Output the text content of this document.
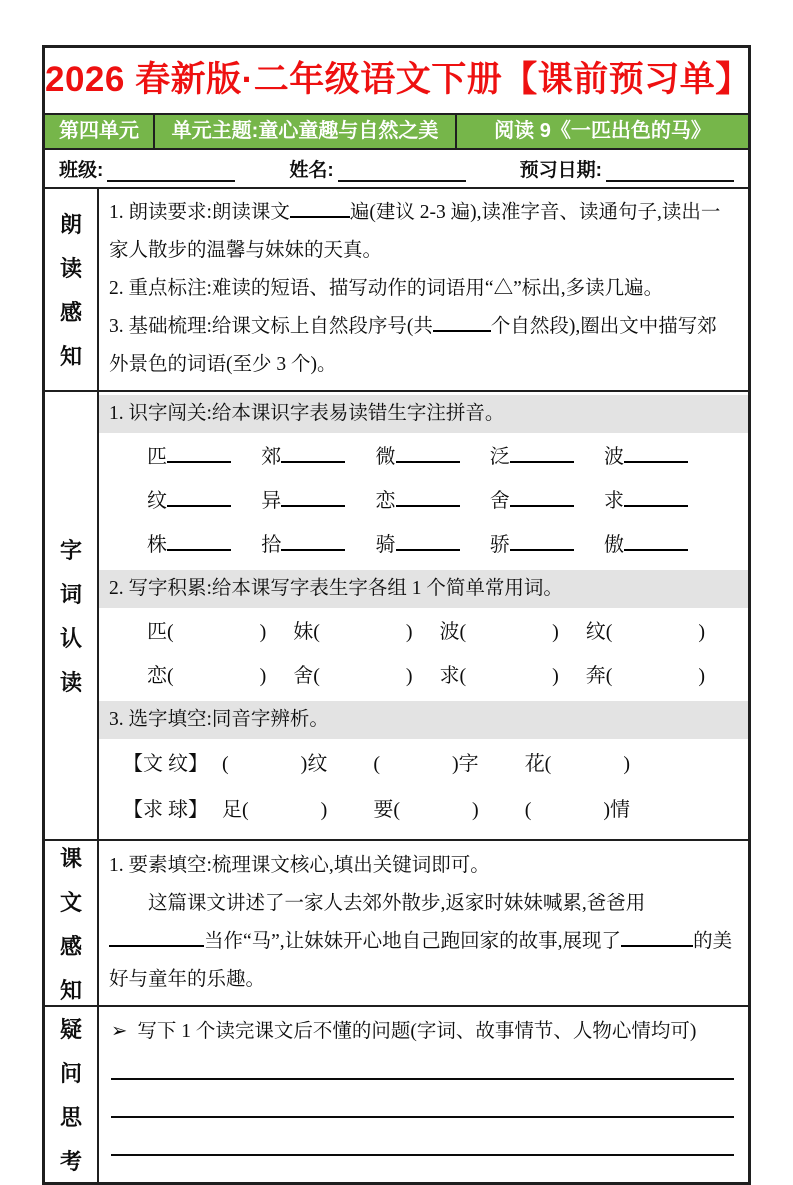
2026 春新版·二年级语文下册【课前预习单】
第四单元	单元主题:童心童趣与自然之美	阅读 9《一匹出色的马》
班级:	姓名:	预习日期:
朗
读
感
知

1. 朗读要求:朗读课文	遍(建议 2-3 遍),读准字音、读通句子,读出一家人散步的温馨与妹妹的天真。

2. 重点标注:难读的短语、描写动作的词语用“△”标出,多读几遍。

3. 基础梳理:给课文标上自然段序号(共	个自然段),圈出文中描写郊外景色的词语(至少 3 个)。

字
词
认
读
1. 识字闯关:给本课识字表易读错生字注拼音。
匹	郊	微	泛	波
纹	异	恋	舍	求
株	拾	骑	骄	傲
2. 写字积累:给本课写字表生字各组 1 个简单常用词。
匹(	)	妹(	)	波(	)	纹(	)
恋(	)	舍(	)	求(	)	奔(	)
3. 选字填空:同音字辨析。
【文 纹】 (	)纹 (	)字 花(	)
【求 球】 足(	) 要(	) (	)情
课
文
感
知

1. 要素填空:梳理课文核心,填出关键词即可。

这篇课文讲述了一家人去郊外散步,返家时妹妹喊累,爸爸用当作“马”,让妹妹开心地自己跑回家的故事,展现了	的美好与童年的乐趣。

疑
问
思
考
➢ 写下 1 个读完课文后不懂的问题(字词、故事情节、人物心情均可)
